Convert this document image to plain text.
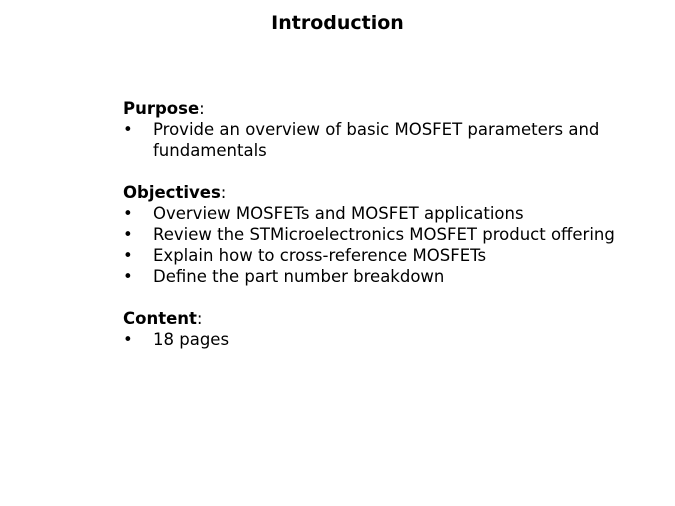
Introduction
Purpose:
• Provide an overview of basic MOSFET parameters and fundamentals
Objectives:
• Overview MOSFETs and MOSFET applications
• Review the STMicroelectronics MOSFET product offering
• Explain how to cross-reference MOSFETs
• Define the part number breakdown
Content:
• 18 pages
